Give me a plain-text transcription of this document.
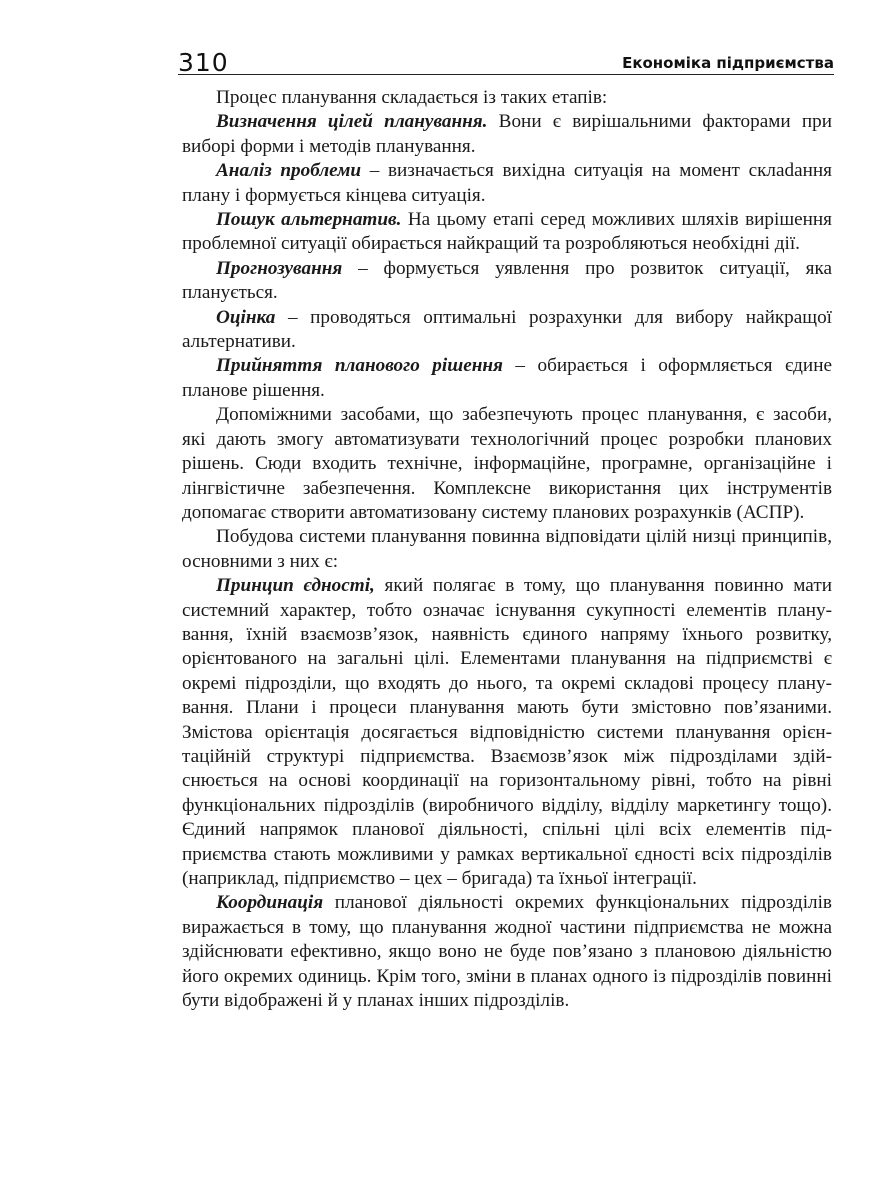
310	Економіка підприємства

Процес планування складається із таких етапів:

Визначення цілей планування. Вони є вирішальними факторами при виборі форми і методів планування.

Аналіз проблеми – визначається вихідна ситуація на момент склаdання плану і формується кінцева ситуація.

Пошук альтернатив. На цьому етапі серед можливих шляхів вирішення проблемної ситуації обирається найкращий та розробляються необхідні дії.

Прогнозування – формується уявлення про розвиток ситуації, яка планується.

Оцінка – проводяться оптимальні розрахунки для вибору найкращої альтернативи.

Прийняття планового рішення – обирається і оформляється єдине планове рішення.

Допоміжними засобами, що забезпечують процес планування, є засоби, які дають змогу автоматизувати технологічний процес розробки планових рішень. Сюди входить технічне, інформаційне, програмне, організаційне і лінгвістичне забезпечення. Комплексне використання цих інструментів допомагає створити автоматизовану систему планових розрахунків (АСПР).

Побудова системи планування повинна відповідати цілій низці принципів, основними з них є:

Принцип єдності, який полягає в тому, що планування повинно мати системний характер, тобто означає існування сукупності елементів планування, їхній взаємозв’язок, наявність єдиного напряму їхнього розвитку, орієнтованого на загальні цілі. Елементами планування на підприємстві є окремі підрозділи, що входять до нього, та окремі складові процесу планування. Плани і процеси планування мають бути змістовно пов’язаними. Змістова орієнтація досягається відповідністю системи планування орієнтаційній структурі підприємства. Взаємозв’язок між підрозділами здійснюється на основі координації на горизонтальному рівні, тобто на рівні функціональних підрозділів (виробничого відділу, відділу маркетингу тощо). Єдиний напрямок планової діяльності, спільні цілі всіх елементів підприємства стають можливими у рамках вертикальної єдності всіх підрозділів (наприклад, підприємство – цех – бригада) та їхньої інтеграції.

Координація планової діяльності окремих функціональних підрозділів виражається в тому, що планування жодної частини підприємства не можна здійснювати ефективно, якщо воно не буде пов’язано з плановою діяльністю його окремих одиниць. Крім того, зміни в планах одного із підрозділів повинні бути відображені й у планах інших підрозділів.
